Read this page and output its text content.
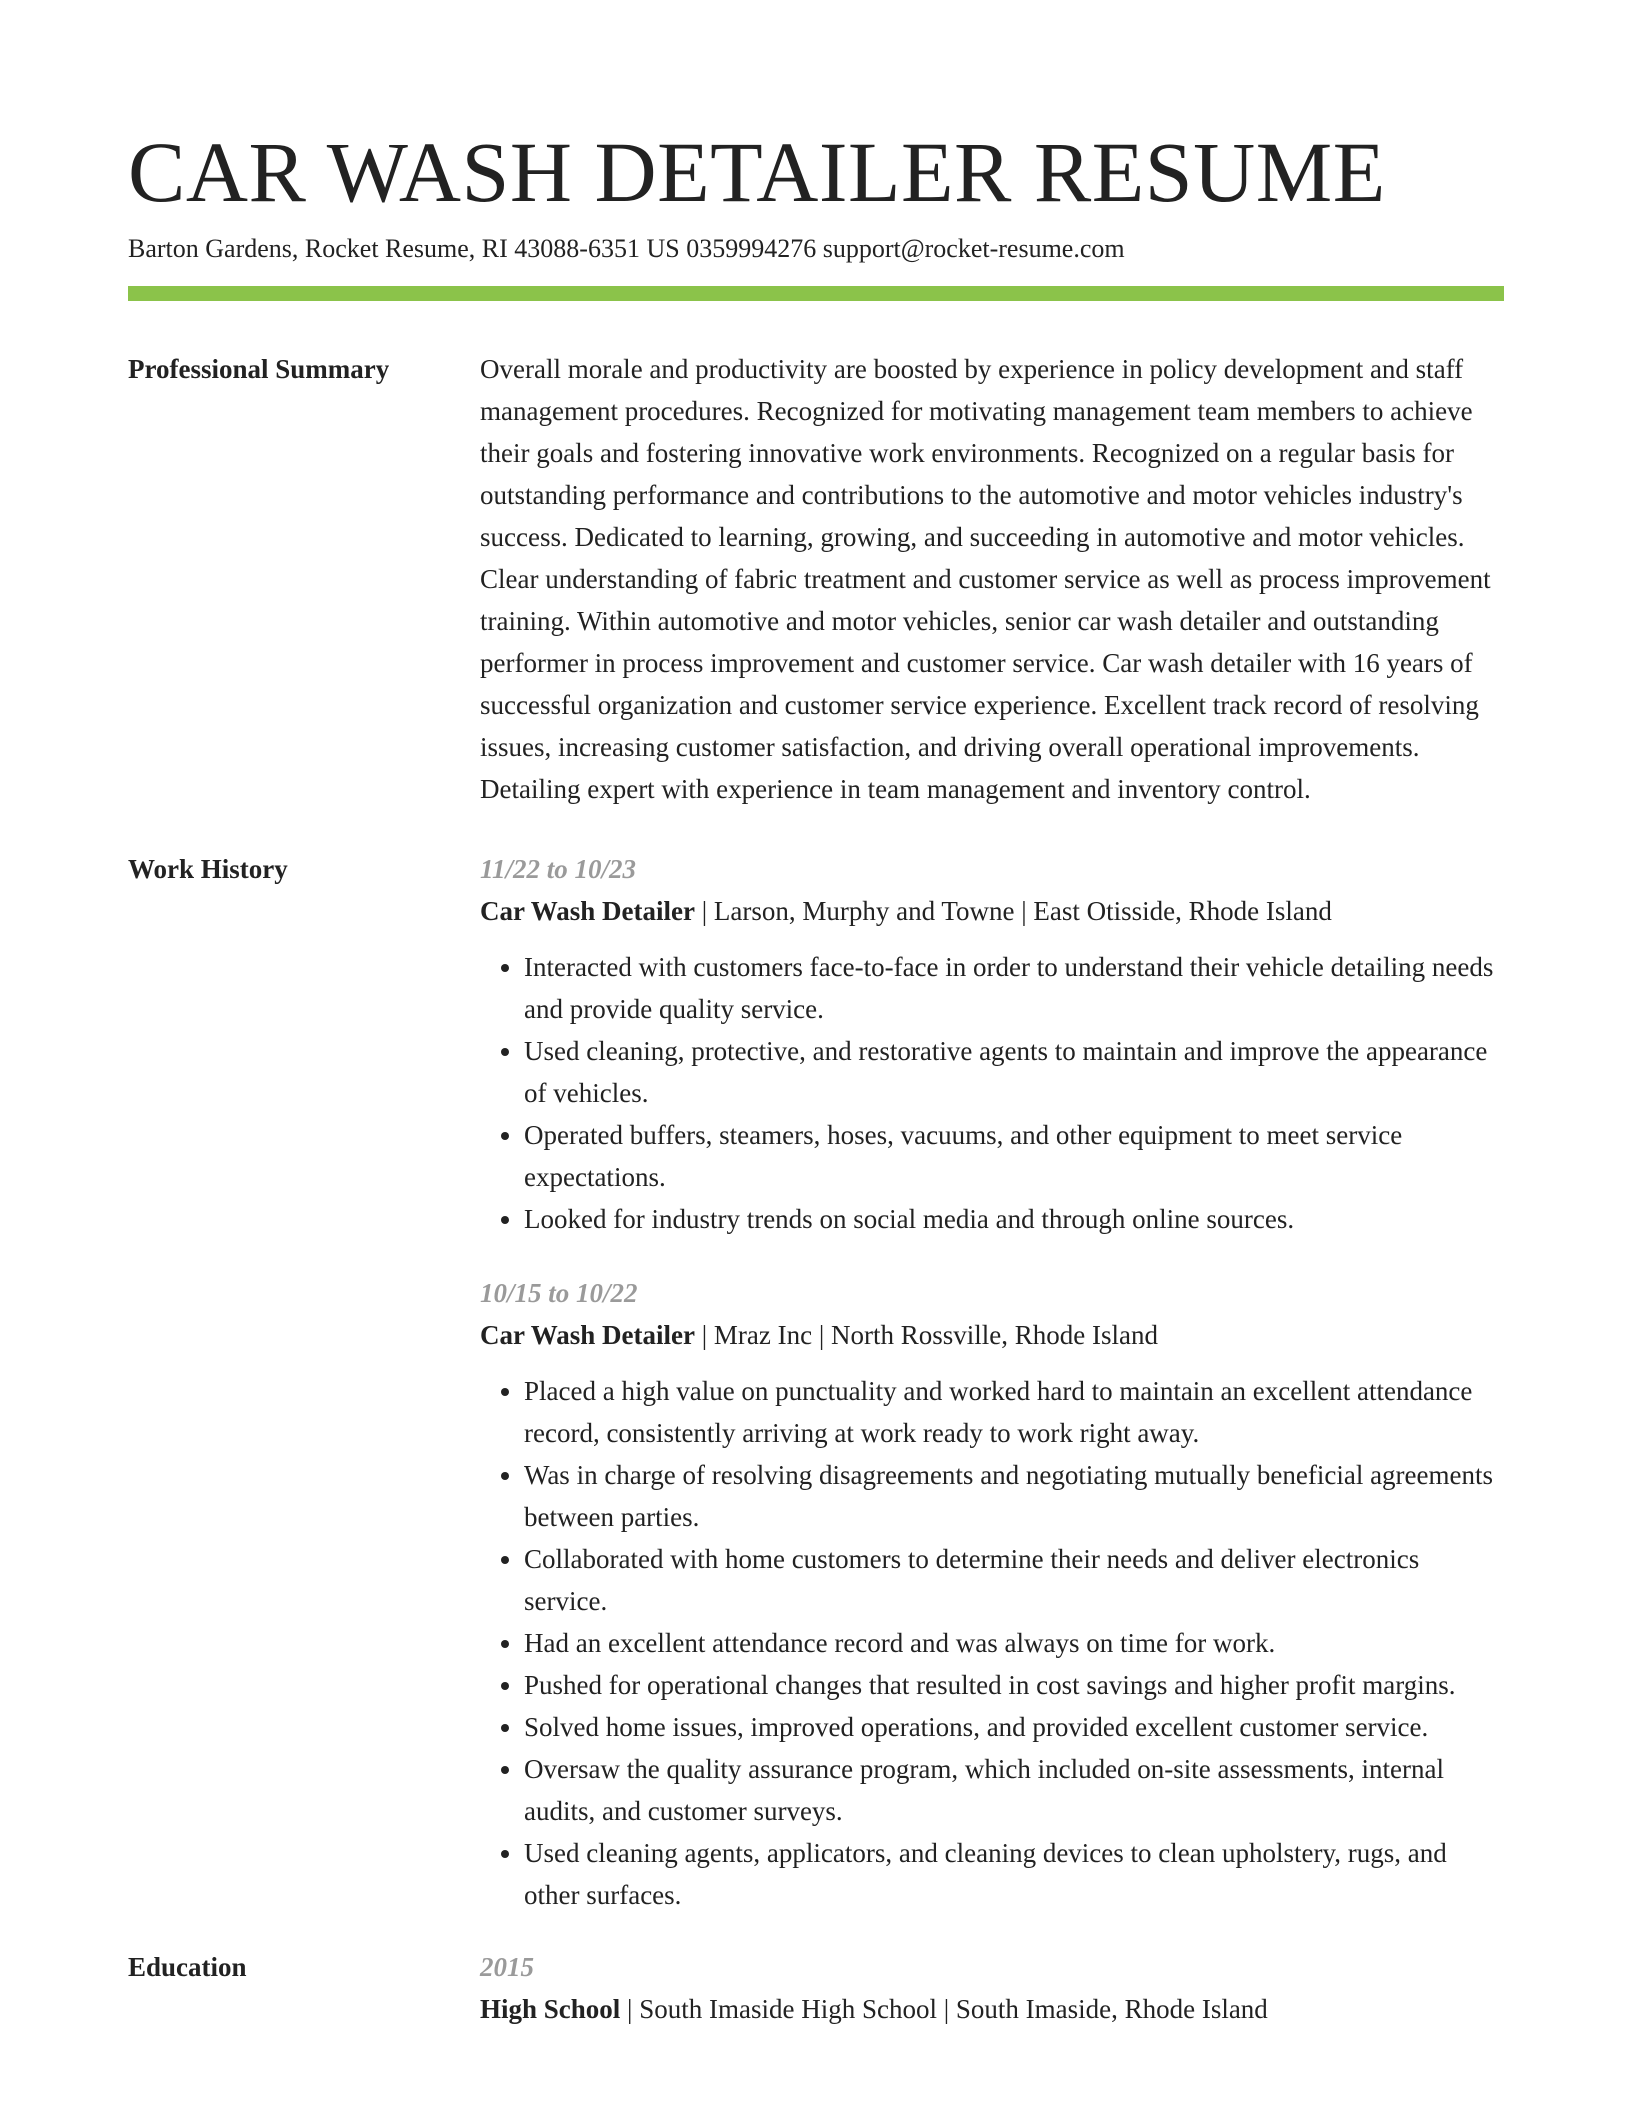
CAR WASH DETAILER RESUME
Barton Gardens, Rocket Resume, RI 43088-6351 US 0359994276 support@rocket-resume.com
Professional Summary	Overall morale and productivity are boosted by experience in policy development and staff management procedures. Recognized for motivating management team members to achieve their goals and fostering innovative work environments. Recognized on a regular basis for outstanding performance and contributions to the automotive and motor vehicles industry's success. Dedicated to learning, growing, and succeeding in automotive and motor vehicles. Clear understanding of fabric treatment and customer service as well as process improvement training. Within automotive and motor vehicles, senior car wash detailer and outstanding performer in process improvement and customer service. Car wash detailer with 16 years of successful organization and customer service experience. Excellent track record of resolving issues, increasing customer satisfaction, and driving overall operational improvements. Detailing expert with experience in team management and inventory control.

Work History	11/22 to 10/23
Car Wash Detailer | Larson, Murphy and Towne | East Otisside, Rhode Island
• Interacted with customers face-to-face in order to understand their vehicle detailing needs and provide quality service.
• Used cleaning, protective, and restorative agents to maintain and improve the appearance of vehicles.
• Operated buffers, steamers, hoses, vacuums, and other equipment to meet service expectations.
• Looked for industry trends on social media and through online sources.
10/15 to 10/22
Car Wash Detailer | Mraz Inc | North Rossville, Rhode Island
• Placed a high value on punctuality and worked hard to maintain an excellent attendance record, consistently arriving at work ready to work right away.
• Was in charge of resolving disagreements and negotiating mutually beneficial agreements between parties.
• Collaborated with home customers to determine their needs and deliver electronics service.
• Had an excellent attendance record and was always on time for work.
• Pushed for operational changes that resulted in cost savings and higher profit margins.
• Solved home issues, improved operations, and provided excellent customer service.
• Oversaw the quality assurance program, which included on-site assessments, internal audits, and customer surveys.
• Used cleaning agents, applicators, and cleaning devices to clean upholstery, rugs, and other surfaces.
Education	2015
High School | South Imaside High School | South Imaside, Rhode Island
